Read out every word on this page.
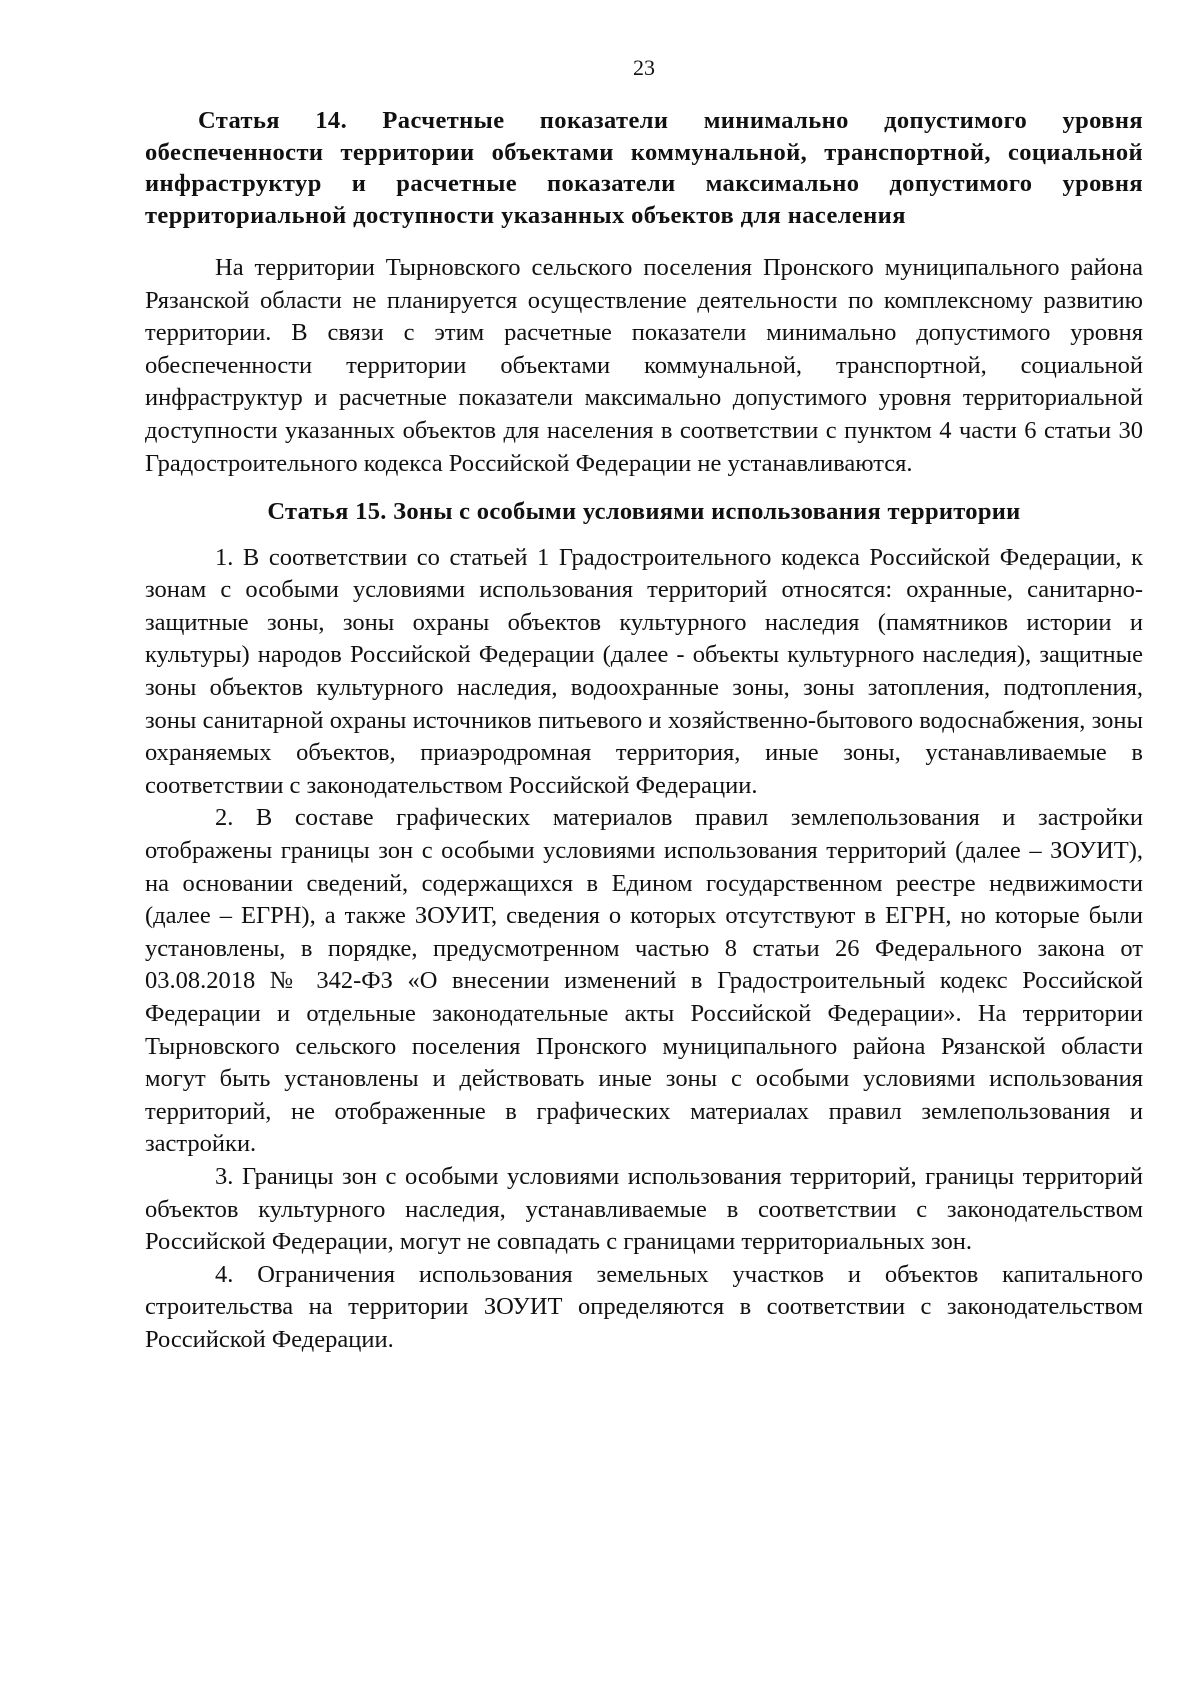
23

Статья 14. Расчетные показатели минимально допустимого уровня обеспеченности территории объектами коммунальной, транспортной, социальной инфраструктур и расчетные показатели максимально допустимого уровня территориальной доступности указанных объектов для населения

На территории Тырновского сельского поселения Пронского муниципального района Рязанской области не планируется осуществление деятельности по комплексному развитию территории. В связи с этим расчетные показатели минимально допустимого уровня обеспеченности территории объектами коммунальной, транспортной, социальной инфраструктур и расчетные показатели максимально допустимого уровня территориальной доступности указанных объектов для населения в соответствии с пунктом 4 части 6 статьи 30 Градостроительного кодекса Российской Федерации не устанавливаются.

Статья 15. Зоны с особыми условиями использования территории

1. В соответствии со статьей 1 Градостроительного кодекса Российской Федерации, к зонам с особыми условиями использования территорий относятся: охранные, санитарно-защитные зоны, зоны охраны объектов культурного наследия (памятников истории и культуры) народов Российской Федерации (далее - объекты культурного наследия), защитные зоны объектов культурного наследия, водоохранные зоны, зоны затопления, подтопления, зоны санитарной охраны источников питьевого и хозяйственно-бытового водоснабжения, зоны охраняемых объектов, приаэродромная территория, иные зоны, устанавливаемые в соответствии с законодательством Российской Федерации.

2. В составе графических материалов правил землепользования и застройки отображены границы зон с особыми условиями использования территорий (далее – ЗОУИТ), на основании сведений, содержащихся в Едином государственном реестре недвижимости (далее – ЕГРН), а также ЗОУИТ, сведения о которых отсутствуют в ЕГРН, но которые были установлены, в порядке, предусмотренном частью 8 статьи 26 Федерального закона от 03.08.2018 № 342-ФЗ «О внесении изменений в Градостроительный кодекс Российской Федерации и отдельные законодательные акты Российской Федерации». На территории Тырновского сельского поселения Пронского муниципального района Рязанской области могут быть установлены и действовать иные зоны с особыми условиями использования территорий, не отображенные в графических материалах правил землепользования и застройки.

3. Границы зон с особыми условиями использования территорий, границы территорий объектов культурного наследия, устанавливаемые в соответствии с законодательством Российской Федерации, могут не совпадать с границами территориальных зон.

4. Ограничения использования земельных участков и объектов капитального строительства на территории ЗОУИТ определяются в соответствии с законодательством Российской Федерации.
